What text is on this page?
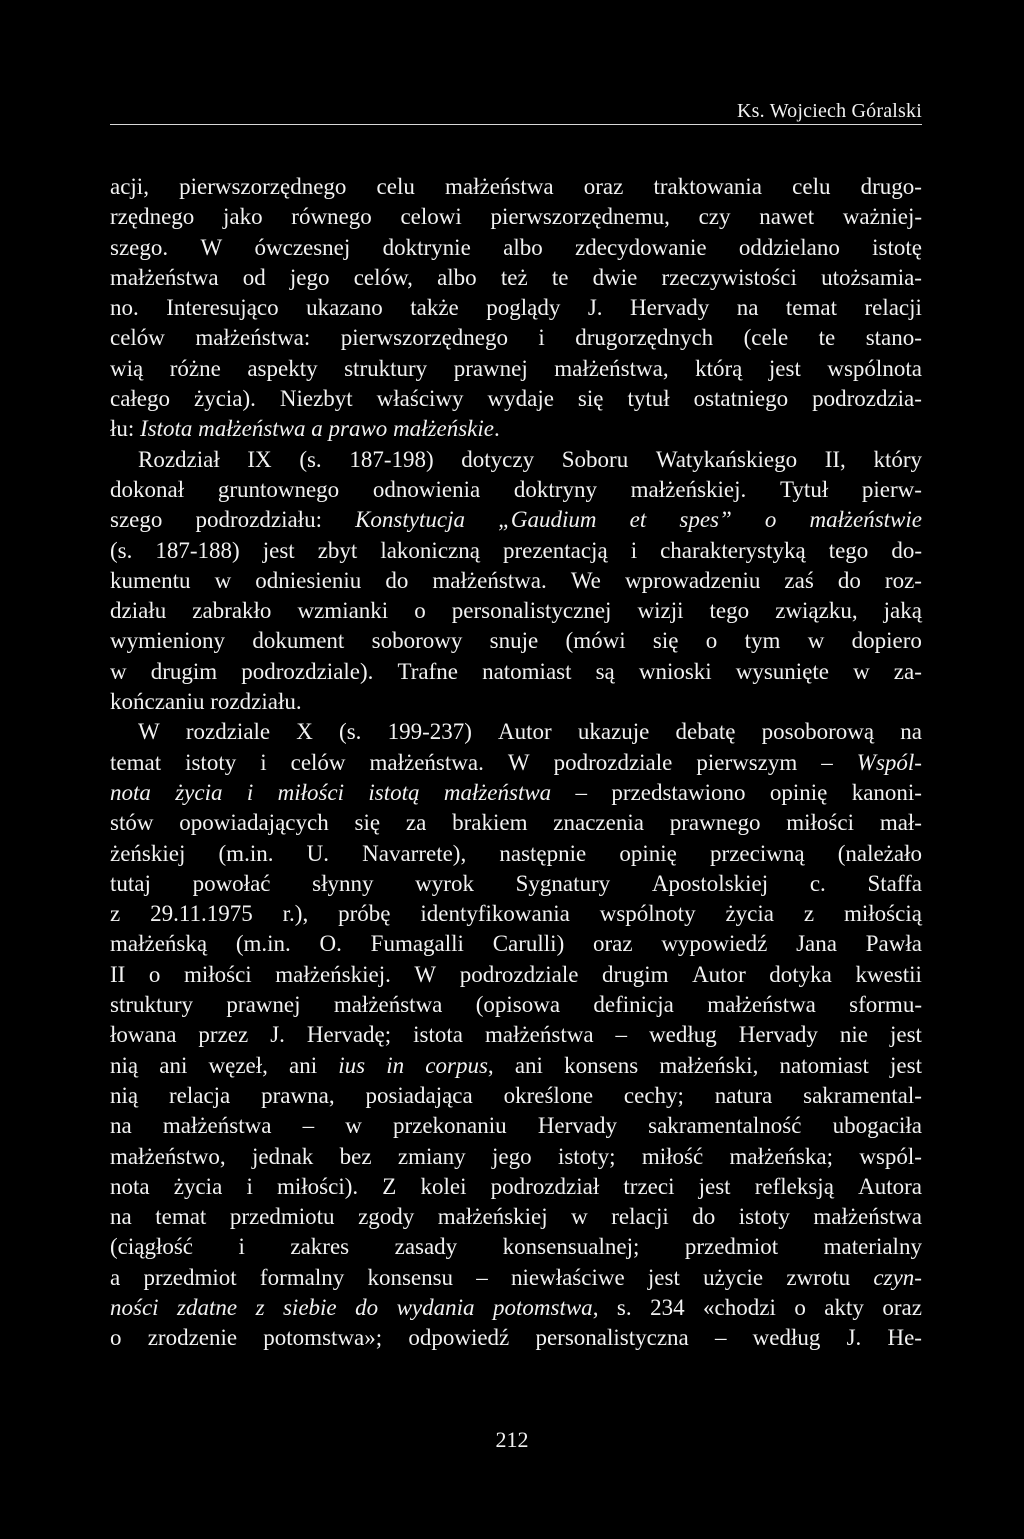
Ks. Wojciech Góralski
acji, pierwszorzędnego celu małżeństwa oraz traktowania celu drugo-
rzędnego jako równego celowi pierwszorzędnemu, czy nawet ważniej-
szego. W ówczesnej doktrynie albo zdecydowanie oddzielano istotę
małżeństwa od jego celów, albo też te dwie rzeczywistości utożsamia-
no. Interesująco ukazano także poglądy J. Hervady na temat relacji
celów małżeństwa: pierwszorzędnego i drugorzędnych (cele te stano-
wią różne aspekty struktury prawnej małżeństwa, którą jest wspólnota
całego życia). Niezbyt właściwy wydaje się tytuł ostatniego podrozdzia-
łu: Istota małżeństwa a prawo małżeńskie.
Rozdział IX (s. 187-198) dotyczy Soboru Watykańskiego II, który
dokonał gruntownego odnowienia doktryny małżeńskiej. Tytuł pierw-
szego podrozdziału: Konstytucja „Gaudium et spes” o małżeństwie
(s. 187-188) jest zbyt lakoniczną prezentacją i charakterystyką tego do-
kumentu w odniesieniu do małżeństwa. We wprowadzeniu zaś do roz-
działu zabrakło wzmianki o personalistycznej wizji tego związku, jaką
wymieniony dokument soborowy snuje (mówi się o tym w dopiero
w drugim podrozdziale). Trafne natomiast są wnioski wysunięte w za-
kończaniu rozdziału.
W rozdziale X (s. 199-237) Autor ukazuje debatę posoborową na
temat istoty i celów małżeństwa. W podrozdziale pierwszym – Wspól-
nota życia i miłości istotą małżeństwa – przedstawiono opinię kanoni-
stów opowiadających się za brakiem znaczenia prawnego miłości mał-
żeńskiej (m.in. U. Navarrete), następnie opinię przeciwną (należało
tutaj powołać słynny wyrok Sygnatury Apostolskiej c. Staffa
z 29.11.1975 r.), próbę identyfikowania wspólnoty życia z miłością
małżeńską (m.in. O. Fumagalli Carulli) oraz wypowiedź Jana Pawła
II o miłości małżeńskiej. W podrozdziale drugim Autor dotyka kwestii
struktury prawnej małżeństwa (opisowa definicja małżeństwa sformu-
łowana przez J. Hervadę; istota małżeństwa – według Hervady nie jest
nią ani węzeł, ani ius in corpus, ani konsens małżeński, natomiast jest
nią relacja prawna, posiadająca określone cechy; natura sakramental-
na małżeństwa – w przekonaniu Hervady sakramentalność ubogaciła
małżeństwo, jednak bez zmiany jego istoty; miłość małżeńska; wspól-
nota życia i miłości). Z kolei podrozdział trzeci jest refleksją Autora
na temat przedmiotu zgody małżeńskiej w relacji do istoty małżeństwa
(ciągłość i zakres zasady konsensualnej; przedmiot materialny
a przedmiot formalny konsensu – niewłaściwe jest użycie zwrotu czyn-
ności zdatne z siebie do wydania potomstwa, s. 234 «chodzi o akty oraz
o zrodzenie potomstwa»; odpowiedź personalistyczna – według J. He-
212
